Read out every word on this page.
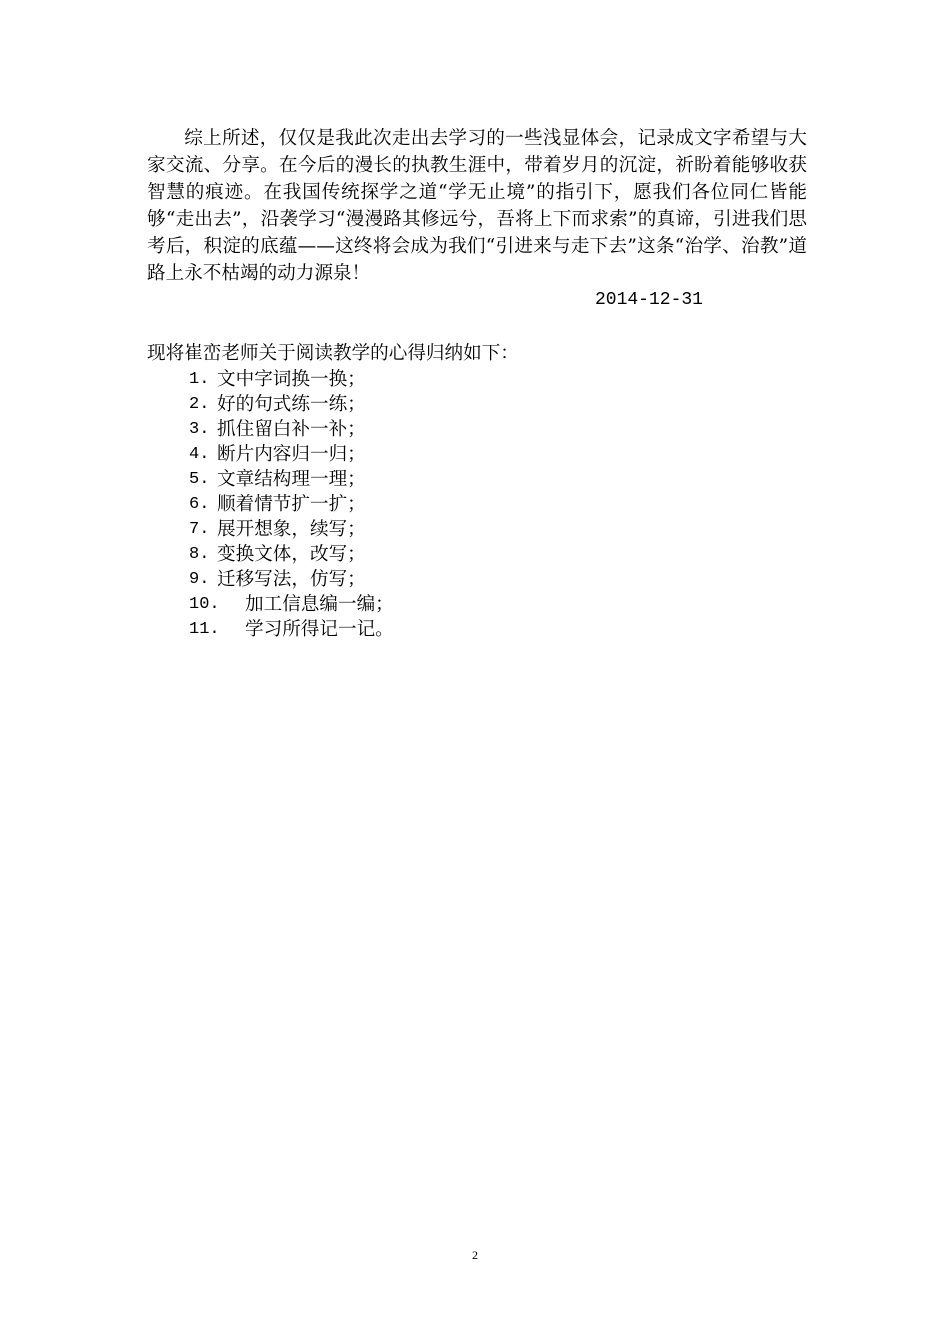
综上所述，仅仅是我此次走出去学习的一些浅显体会，记录成文字希望与大家交流、分享。在今后的漫长的执教生涯中，带着岁月的沉淀，祈盼着能够收获智慧的痕迹。在我国传统探学之道“学无止境”的指引下，愿我们各位同仁皆能够“走出去”，沿袭学习“漫漫路其修远兮，吾将上下而求索”的真谛，引进我们思考后，积淀的底蕴——这终将会成为我们“引进来与走下去”这条“治学、治教”道路上永不枯竭的动力源泉！

2014-12-31

现将崔峦老师关于阅读教学的心得归纳如下：

1. 文中字词换一换；
2. 好的句式练一练；
3. 抓住留白补一补；
4. 断片内容归一归；
5. 文章结构理一理；
6. 顺着情节扩一扩；
7. 展开想象，续写；
8. 变换文体，改写；
9. 迁移写法，仿写；
10.	加工信息编一编；
11.	学习所得记一记。
2
